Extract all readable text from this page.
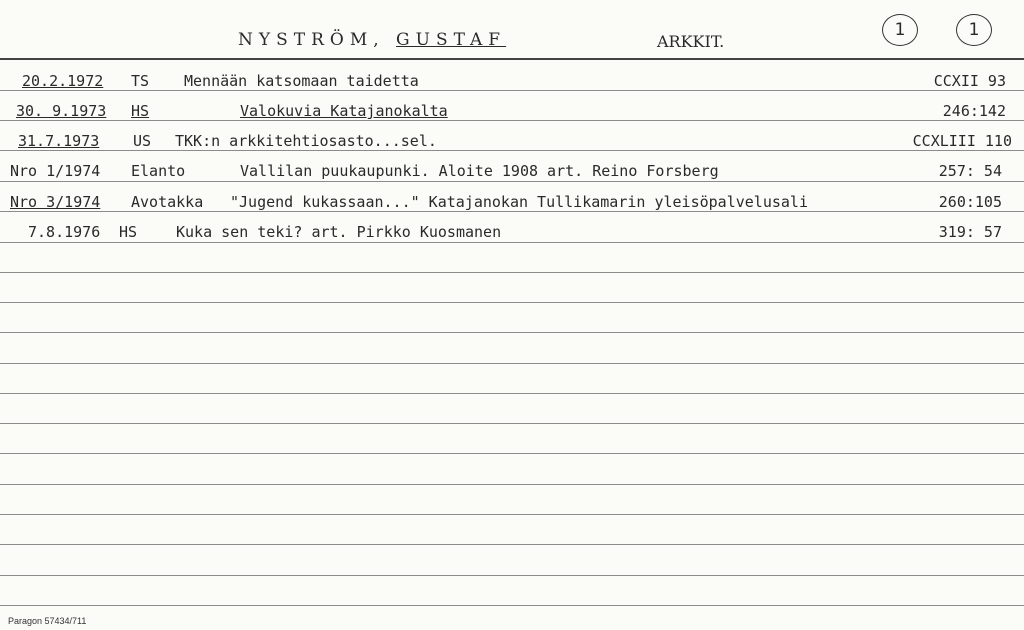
NYSTRÖM, GUSTAF	ARKKIT.
1	1
20.2.1972 TS Mennään katsomaan taidetta	CCXII 93
30. 9.1973 HS	Valokuvia Katajanokalta	246:142
31.7.1973 US TKK:n arkkitehtiosasto...sel.	CCXLIII 110
Nro 1/1974 Elanto	Vallilan puukaupunki. Aloite 1908 art. Reino Forsberg	257: 54
Nro 3/1974 Avotakka "Jugend kukassaan..." Katajanokan Tullikamarin yleisöpalvelusali	260:105
7.8.1976 HS	Kuka sen teki? art. Pirkko Kuosmanen	319: 57
Paragon 57434/711
